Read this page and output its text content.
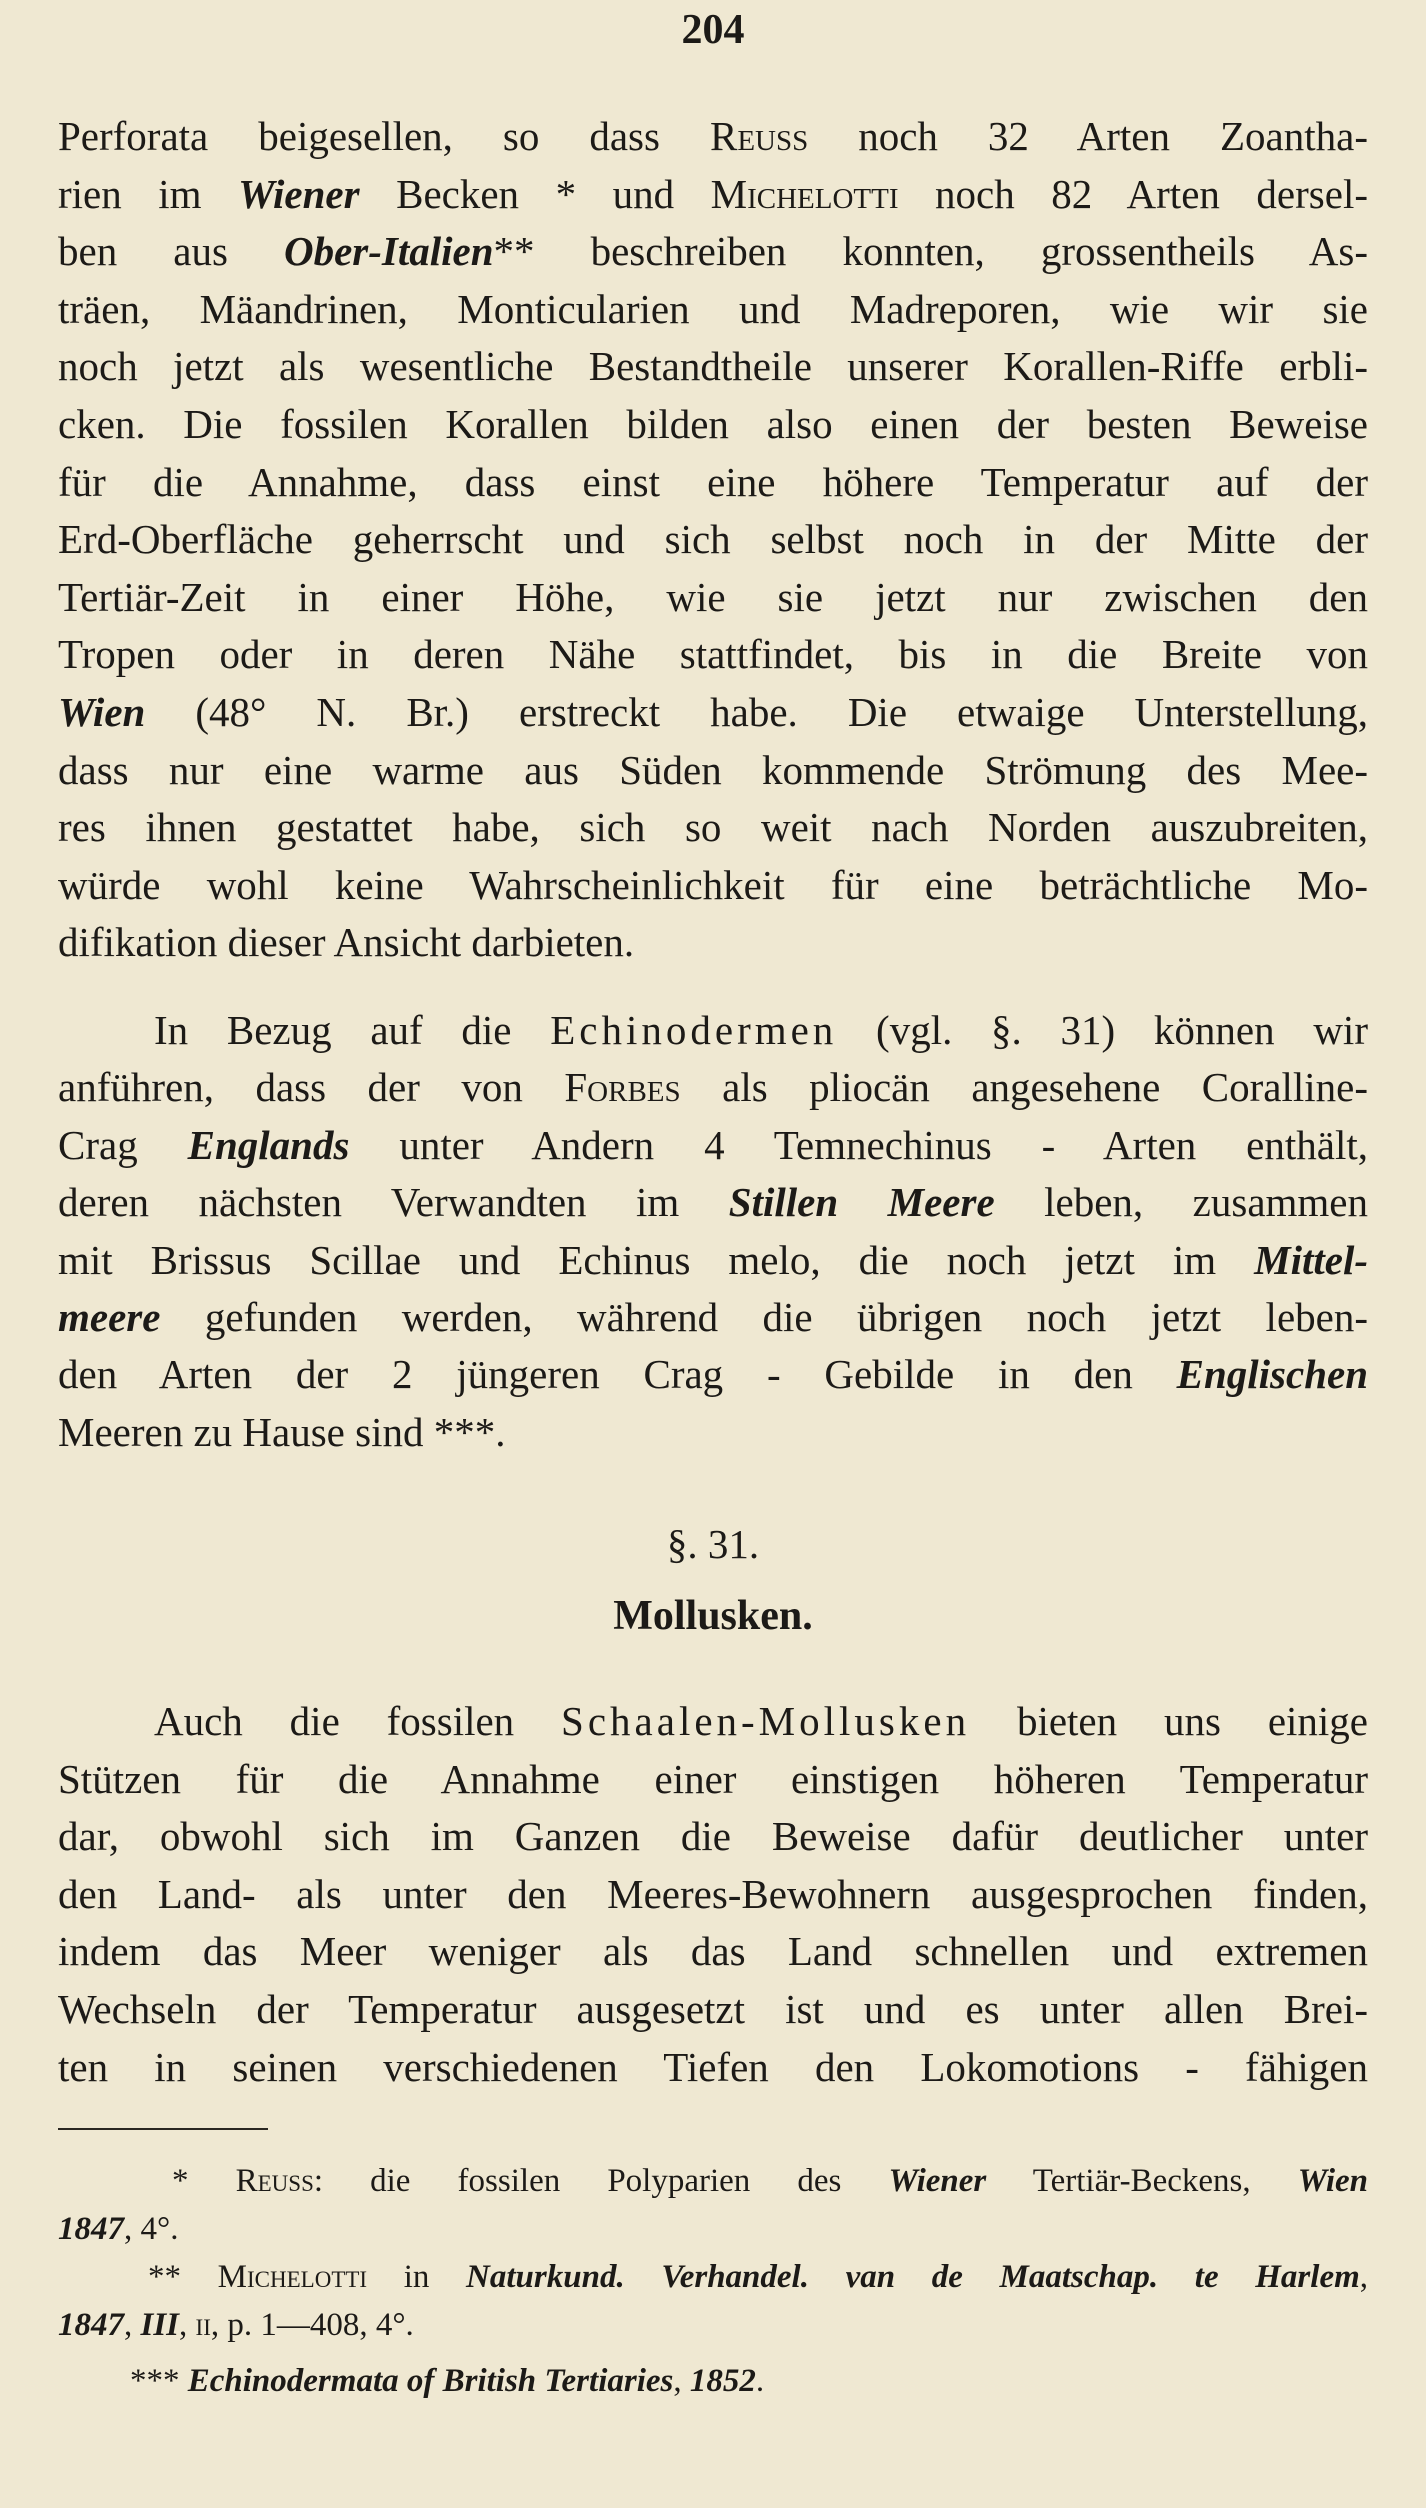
204
Perforata beigesellen, so dass Reuss noch 32 Arten Zoantha-
rien im Wiener Becken * und Michelotti noch 82 Arten dersel-
ben aus Ober-Italien** beschreiben konnten, grossentheils As-
träen, Mäandrinen, Monticularien und Madreporen, wie wir sie
noch jetzt als wesentliche Bestandtheile unserer Korallen-Riffe erbli-
cken. Die fossilen Korallen bilden also einen der besten Beweise
für die Annahme, dass einst eine höhere Temperatur auf der
Erd-Oberfläche geherrscht und sich selbst noch in der Mitte der
Tertiär-Zeit in einer Höhe, wie sie jetzt nur zwischen den
Tropen oder in deren Nähe stattfindet, bis in die Breite von
Wien (48° N. Br.) erstreckt habe. Die etwaige Unterstellung,
dass nur eine warme aus Süden kommende Strömung des Mee-
res ihnen gestattet habe, sich so weit nach Norden auszubreiten,
würde wohl keine Wahrscheinlichkeit für eine beträchtliche Mo-
difikation dieser Ansicht darbieten.
In Bezug auf die Echinodermen (vgl. §. 31) können wir
anführen, dass der von Forbes als pliocän angesehene Coralline-
Crag Englands unter Andern 4 Temnechinus - Arten enthält,
deren nächsten Verwandten im Stillen Meere leben, zusammen
mit Brissus Scillae und Echinus melo, die noch jetzt im Mittel-
meere gefunden werden, während die übrigen noch jetzt leben-
den Arten der 2 jüngeren Crag - Gebilde in den Englischen
Meeren zu Hause sind ***.
§. 31.
Mollusken.
Auch die fossilen Schaalen-Mollusken bieten uns einige
Stützen für die Annahme einer einstigen höheren Temperatur
dar, obwohl sich im Ganzen die Beweise dafür deutlicher unter
den Land- als unter den Meeres-Bewohnern ausgesprochen finden,
indem das Meer weniger als das Land schnellen und extremen
Wechseln der Temperatur ausgesetzt ist und es unter allen Brei-
ten in seinen verschiedenen Tiefen den Lokomotions - fähigen
* Reuss: die fossilen Polyparien des Wiener Tertiär-Beckens, Wien
1847, 4°.
** Michelotti in Naturkund. Verhandel. van de Maatschap. te Harlem,
1847, III, ii, p. 1—408, 4°.
*** Echinodermata of British Tertiaries, 1852.
